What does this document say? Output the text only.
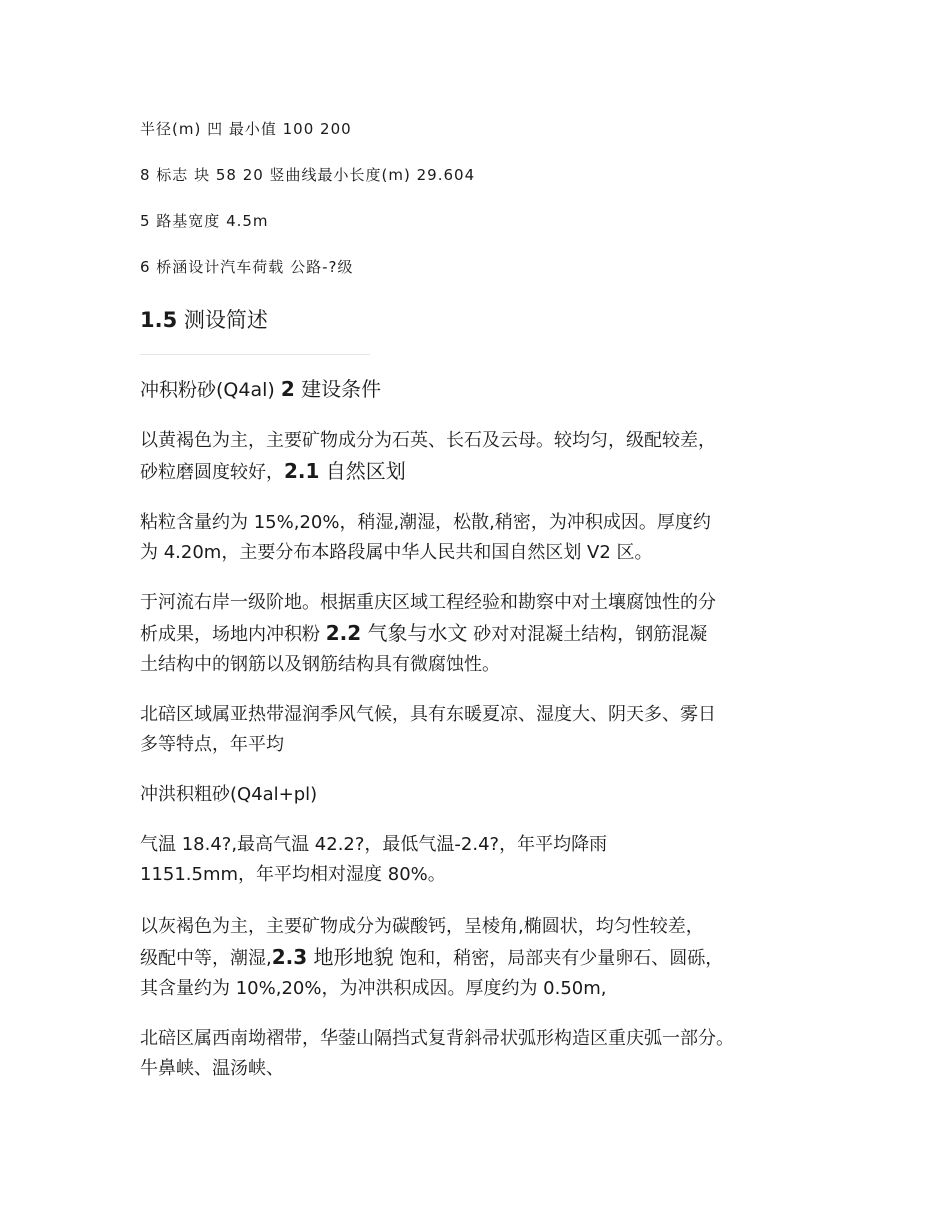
半径(m) 凹 最小值 100 200
8 标志 块 58 20 竖曲线最小长度(m) 29.604
5 路基宽度 4.5m
6 桥涵设计汽车荷载 公路-?级
1.5 测设简述
冲积粉砂(Q4al) 2 建设条件
以黄褐色为主，主要矿物成分为石英、长石及云母。较均匀，级配较差，
砂粒磨圆度较好，2.1 自然区划
粘粒含量约为 15%,20%，稍湿,潮湿，松散,稍密，为冲积成因。厚度约
为 4.20m，主要分布本路段属中华人民共和国自然区划 V2 区。
于河流右岸一级阶地。根据重庆区域工程经验和勘察中对土壤腐蚀性的分
析成果，场地内冲积粉 2.2 气象与水文 砂对对混凝土结构，钢筋混凝
土结构中的钢筋以及钢筋结构具有微腐蚀性。
北碚区域属亚热带湿润季风气候，具有东暖夏凉、湿度大、阴天多、雾日
多等特点，年平均
冲洪积粗砂(Q4al+pl)
气温 18.4?,最高气温 42.2?，最低气温-2.4?，年平均降雨
1151.5mm，年平均相对湿度 80%。
以灰褐色为主，主要矿物成分为碳酸钙，呈棱角,椭圆状，均匀性较差，
级配中等，潮湿,2.3 地形地貌 饱和，稍密，局部夹有少量卵石、圆砾，
其含量约为 10%,20%，为冲洪积成因。厚度约为 0.50m,
北碚区属西南坳褶带，华蓥山隔挡式复背斜帚状弧形构造区重庆弧一部分。
牛鼻峡、温汤峡、
